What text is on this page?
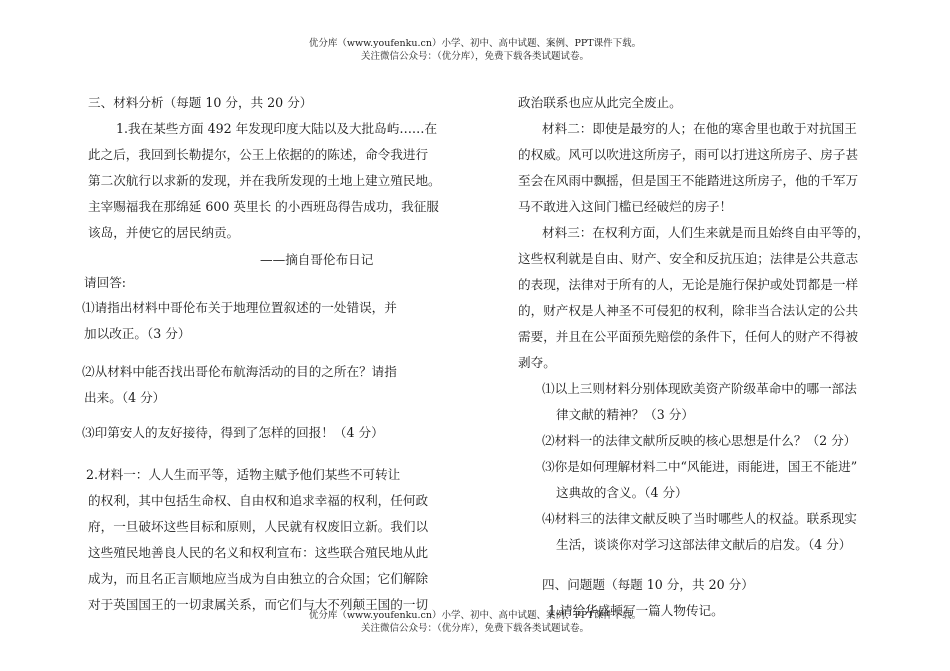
优分库（www.youfenku.cn）小学、初中、高中试题、案例、PPT课件下载。
关注微信公众号：（优分库），免费下载各类试题试卷。
三、材料分析（每题 10 分，共 20 分）
1.我在某些方面 492 年发现印度大陆以及大批岛屿……在
此之后，我回到长勒提尔，公王上依据的的陈述，命令我进行
第二次航行以求新的发现，并在我所发现的土地上建立殖民地。
主宰赐福我在那绵延 600 英里长 的小西班岛得告成功，我征服
该岛，并使它的居民纳贡。
——摘自哥伦布日记
请回答:
⑴请指出材料中哥伦布关于地理位置叙述的一处错误，并
加以改正。（3 分）
⑵从材料中能否找出哥伦布航海活动的目的之所在？请指
出来。（4 分）
⑶印第安人的友好接待，得到了怎样的回报！（4 分）
2.材料一：人人生而平等，适物主赋予他们某些不可转让
的权利，其中包括生命权、自由权和追求幸福的权利，任何政
府，一旦破坏这些目标和原则，人民就有权废旧立新。我们以
这些殖民地善良人民的名义和权利宣布：这些联合殖民地从此
成为，而且名正言顺地应当成为自由独立的合众国；它们解除
对于英国国王的一切隶属关系，而它们与大不列颠王国的一切
政治联系也应从此完全废止。
材料二：即使是最穷的人；在他的寒舍里也敢于对抗国王
的权威。风可以吹进这所房子，雨可以打进这所房子、房子甚
至会在风雨中飘摇，但是国王不能踏进这所房子，他的千军万
马不敢进入这间门槛已经破烂的房子！
材料三：在权利方面，人们生来就是而且始终自由平等的，
这些权利就是自由、财产、安全和反抗压迫；法律是公共意志
的表现，法律对于所有的人，无论是施行保护或处罚都是一样
的，财产权是人神圣不可侵犯的权利，除非当合法认定的公共
需要，并且在公平面预先赔偿的条件下，任何人的财产不得被
剥夺。
⑴以上三则材料分别体现欧美资产阶级革命中的哪一部法
律文献的精神？（3 分）
⑵材料一的法律文献所反映的核心思想是什么？（2 分）
⑶你是如何理解材料二中“风能进，雨能进，国王不能进”
这典故的含义。（4 分）
⑷材料三的法律文献反映了当时哪些人的权益。联系现实
生活，谈谈你对学习这部法律文献后的启发。（4 分）
四、问题题（每题 10 分，共 20 分）
1.请给华盛顿写一篇人物传记。
优分库（www.youfenku.cn）小学、初中、高中试题、案例、PPT课件下载。
关注微信公众号：（优分库），免费下载各类试题试卷。
